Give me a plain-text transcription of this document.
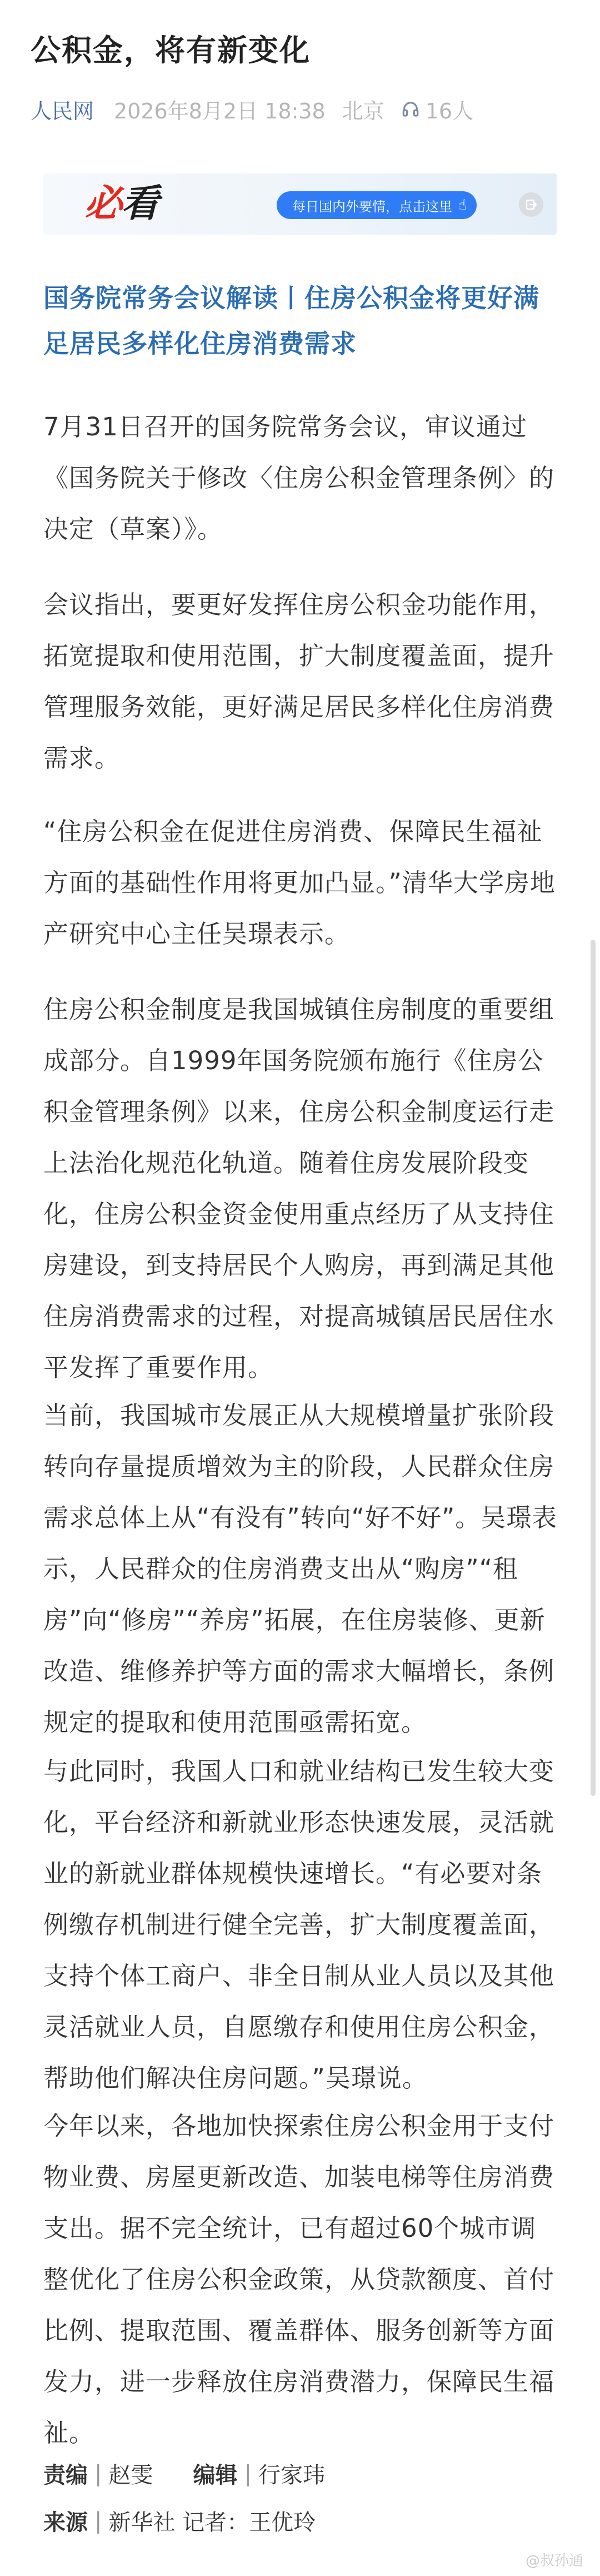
公积金，将有新变化
人民网 2026年8月2日 18:38 北京 16人
必看	每日国内外要情，点击这里 ☝
国务院常务会议解读丨住房公积金将更好满足居民多样化住房消费需求
7月31日召开的国务院常务会议，审议通过《国务院关于修改〈住房公积金管理条例〉的决定（草案）》。
会议指出，要更好发挥住房公积金功能作用，拓宽提取和使用范围，扩大制度覆盖面，提升管理服务效能，更好满足居民多样化住房消费需求。
“住房公积金在促进住房消费、保障民生福祉方面的基础性作用将更加凸显。”清华大学房地产研究中心主任吴璟表示。
住房公积金制度是我国城镇住房制度的重要组成部分。自1999年国务院颁布施行《住房公积金管理条例》以来，住房公积金制度运行走上法治化规范化轨道。随着住房发展阶段变化，住房公积金资金使用重点经历了从支持住房建设，到支持居民个人购房，再到满足其他住房消费需求的过程，对提高城镇居民居住水平发挥了重要作用。
当前，我国城市发展正从大规模增量扩张阶段转向存量提质增效为主的阶段，人民群众住房需求总体上从“有没有”转向“好不好”。吴璟表示，人民群众的住房消费支出从“购房”“租房”向“修房”“养房”拓展，在住房装修、更新改造、维修养护等方面的需求大幅增长，条例规定的提取和使用范围亟需拓宽。
与此同时，我国人口和就业结构已发生较大变化，平台经济和新就业形态快速发展，灵活就业的新就业群体规模快速增长。“有必要对条例缴存机制进行健全完善，扩大制度覆盖面，支持个体工商户、非全日制从业人员以及其他灵活就业人员，自愿缴存和使用住房公积金，帮助他们解决住房问题。”吴璟说。
今年以来，各地加快探索住房公积金用于支付物业费、房屋更新改造、加装电梯等住房消费支出。据不完全统计，已有超过60个城市调整优化了住房公积金政策，从贷款额度、首付比例、提取范围、覆盖群体、服务创新等方面发力，进一步释放住房消费潜力，保障民生福祉。
责编 | 赵雯 编辑 | 行家玮
来源 | 新华社 记者：王优玲
@叔孙通
